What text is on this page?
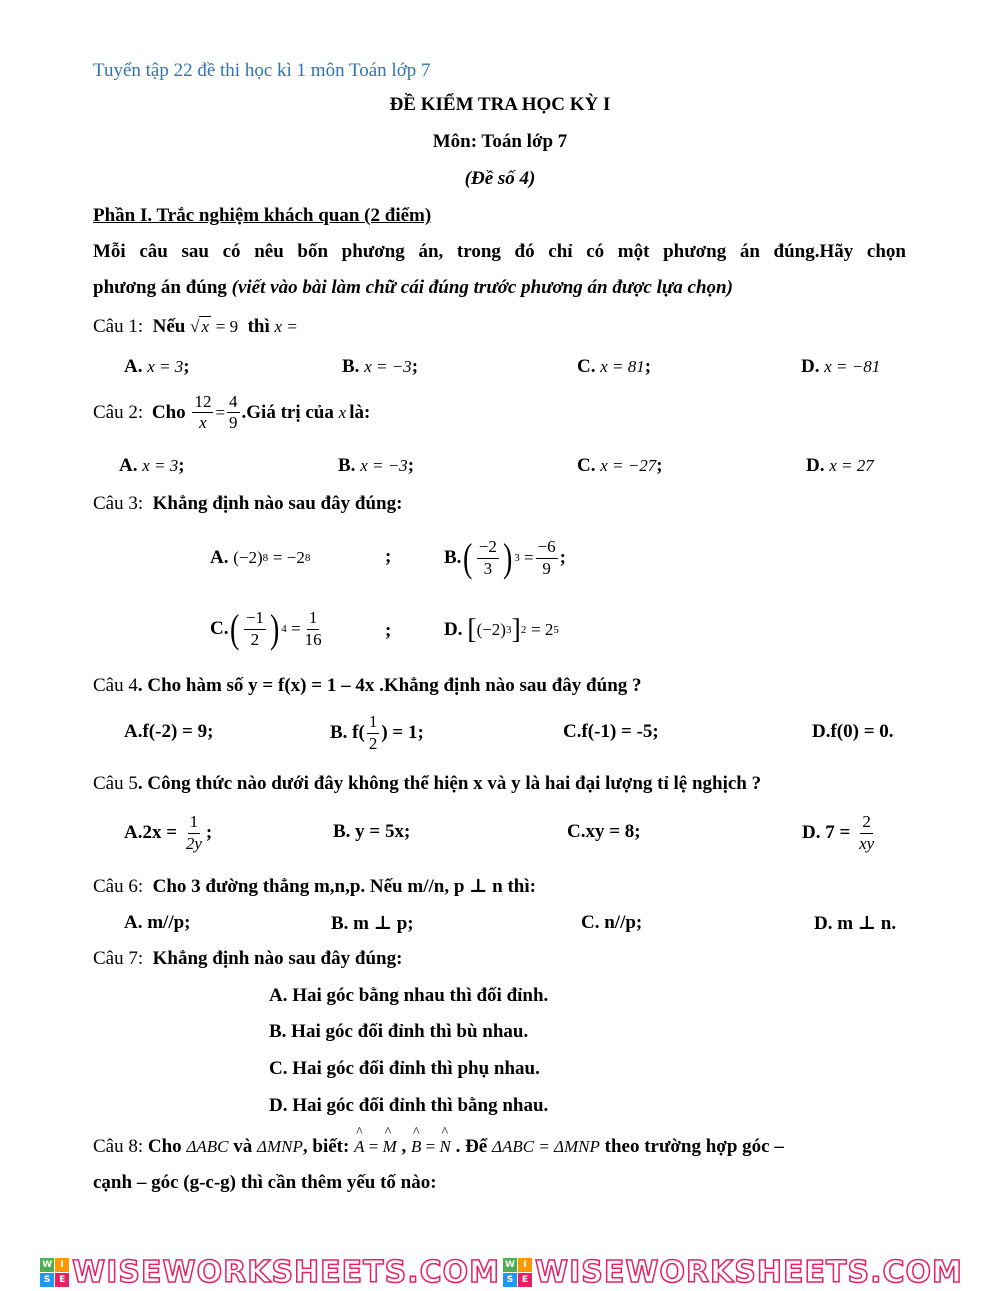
Tuyển tập 22 đề thi học kì 1 môn Toán lớp 7
ĐỀ KIỂM TRA HỌC KỲ I
Môn: Toán lớp 7
(Đề số 4)
Phần I. Trắc nghiệm khách quan (2 điểm)
Mỗi câu sau có nêu bốn phương án, trong đó chỉ có một phương án đúng.Hãy chọn
phương án đúng (viết vào bài làm chữ cái đúng trước phương án được lựa chọn)
Câu 1: Nếu √ x = 9 thì x =
A. x = 3;	B. x = −3;	C. x = 81;	D. x = −81
Câu 2:
Cho
$\frac{12}{x} = \frac{4}{9}$ .Giá trị của
x là:
A. x = 3;	B. x = −3;	C. x = −27;	D. x = 27
Câu 3: Khẳng định nào sau đây đúng:
A.
(−2) 8
= −2 8	;	B. ( $\frac{-2}{3}$ ) $3 = \frac{-6}{9}$ ;
C. ( $\frac{-1}{2}$ ) $4 = \frac{1}{16}$	;	D.
[ (−2) 3 ] 2
= 2 5
Câu 4. Cho hàm số y = f(x) = 1 – 4x .Khẳng định nào sau đây đúng ?
A.f(-2) = 9;	B. $f( \frac{1}{2}$ ) = 1;	C.f(-1) = -5;	D.f(0) = 0.
Câu 5. Công thức nào dưới đây không thể hiện x và y là hai đại lượng tỉ lệ nghịch ?
A.2x =
$\frac{1}{2y}$ ;	B. y = 5x;	C.xy = 8;	D. 7 =
$\frac{2}{xy}$
Câu 6: Cho 3 đường thẳng m,n,p. Nếu m//n, p ⊥ n thì:
A. m//p;	B. m ⊥ p;	C. n//p;	D. m ⊥ n.
Câu 7: Khẳng định nào sau đây đúng:
A. Hai góc bằng nhau thì đối đỉnh.
B. Hai góc đối đỉnh thì bù nhau.
C. Hai góc đối đỉnh thì phụ nhau.
D. Hai góc đối đỉnh thì bằng nhau.
Câu 8: Cho ΔABC và ΔMNP, biết: ^ A = ^ M , ^ B = ^ N . Để ΔABC = ΔMNP theo trường hợp góc –
cạnh – góc (g-c-g) thì cần thêm yếu tố nào:
W I
S E WISEWORKSHEETS.COM W I
S E WISEWORKSHEETS.COM
